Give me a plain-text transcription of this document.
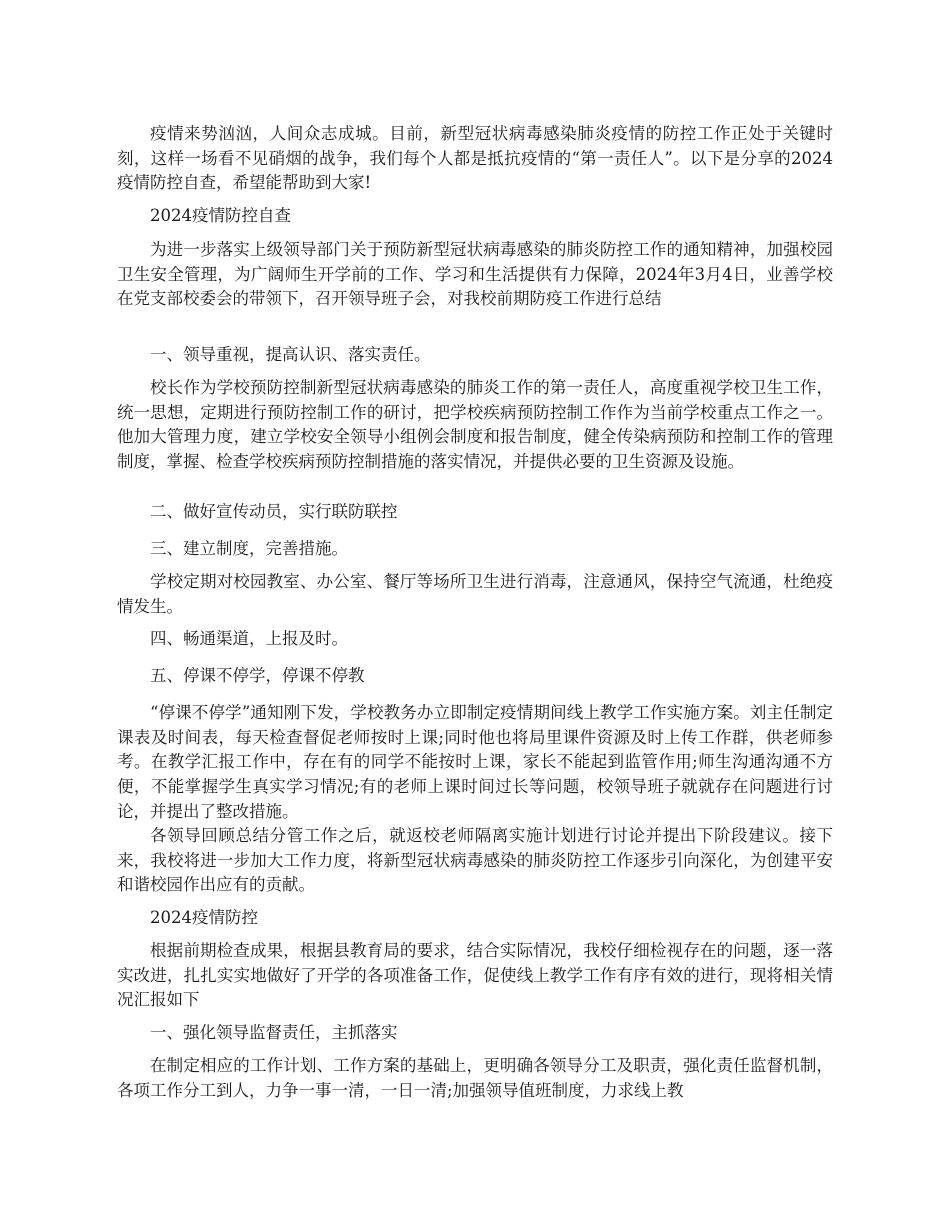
疫情来势汹汹，人间众志成城。目前，新型冠状病毒感染肺炎疫情的防控工作正处于关键时刻，这样一场看不见硝烟的战争，我们每个人都是抵抗疫情的“第一责任人”。以下是分享的2024疫情防控自查，希望能帮助到大家!

2024疫情防控自查

为进一步落实上级领导部门关于预防新型冠状病毒感染的肺炎防控工作的通知精神，加强校园卫生安全管理，为广阔师生开学前的工作、学习和生活提供有力保障，2024年3月4日，业善学校在党支部校委会的带领下，召开领导班子会，对我校前期防疫工作进行总结

一、领导重视，提高认识、落实责任。

校长作为学校预防控制新型冠状病毒感染的肺炎工作的第一责任人，高度重视学校卫生工作，统一思想，定期进行预防控制工作的研讨，把学校疾病预防控制工作作为当前学校重点工作之一。他加大管理力度，建立学校安全领导小组例会制度和报告制度，健全传染病预防和控制工作的管理制度，掌握、检查学校疾病预防控制措施的落实情况，并提供必要的卫生资源及设施。

二、做好宣传动员，实行联防联控

三、建立制度，完善措施。

学校定期对校园教室、办公室、餐厅等场所卫生进行消毒，注意通风，保持空气流通，杜绝疫情发生。

四、畅通渠道，上报及时。

五、停课不停学，停课不停教

“停课不停学”通知刚下发，学校教务办立即制定疫情期间线上教学工作实施方案。刘主任制定课表及时间表，每天检查督促老师按时上课;同时他也将局里课件资源及时上传工作群，供老师参考。在教学汇报工作中，存在有的同学不能按时上课，家长不能起到监管作用;师生沟通沟通不方便，不能掌握学生真实学习情况;有的老师上课时间过长等问题，校领导班子就就存在问题进行讨论，并提出了整改措施。

各领导回顾总结分管工作之后，就返校老师隔离实施计划进行讨论并提出下阶段建议。接下来，我校将进一步加大工作力度，将新型冠状病毒感染的肺炎防控工作逐步引向深化，为创建平安和谐校园作出应有的贡献。

2024疫情防控

根据前期检查成果，根据县教育局的要求，结合实际情况，我校仔细检视存在的问题，逐一落实改进，扎扎实实地做好了开学的各项准备工作，促使线上教学工作有序有效的进行，现将相关情况汇报如下

一、强化领导监督责任，主抓落实

在制定相应的工作计划、工作方案的基础上，更明确各领导分工及职责，强化责任监督机制，各项工作分工到人，力争一事一清，一日一清;加强领导值班制度，力求线上教
